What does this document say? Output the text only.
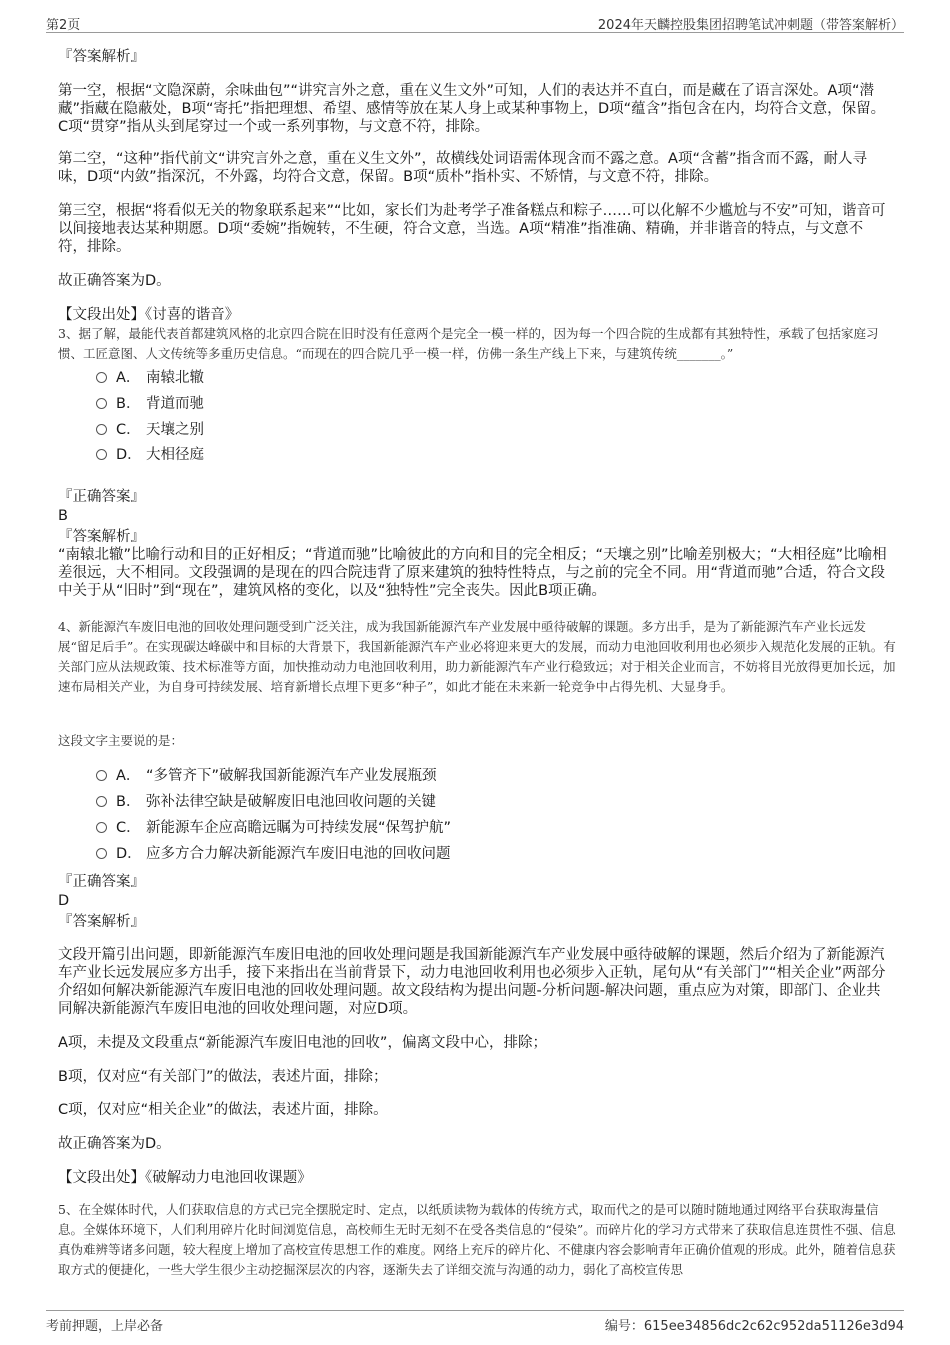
第2页	2024年天麟控股集团招聘笔试冲刺题（带答案解析）
『答案解析』
第一空，根据“文隐深蔚，余味曲包”“讲究言外之意，重在义生文外”可知，人们的表达并不直白，而是藏在了语言深处。A项“潜藏”指藏在隐蔽处，B项“寄托”指把理想、希望、感情等放在某人身上或某种事物上，D项“蕴含”指包含在内，均符合文意，保留。C项“贯穿”指从头到尾穿过一个或一系列事物，与文意不符，排除。
第二空，“这种”指代前文“讲究言外之意，重在义生文外”，故横线处词语需体现含而不露之意。A项“含蓄”指含而不露，耐人寻味，D项“内敛”指深沉，不外露，均符合文意，保留。B项“质朴”指朴实、不矫情，与文意不符，排除。
第三空，根据“将看似无关的物象联系起来”“比如，家长们为赴考学子准备糕点和粽子……可以化解不少尴尬与不安”可知，谐音可以间接地表达某种期愿。D项“委婉”指婉转，不生硬，符合文意，当选。A项“精准”指准确、精确，并非谐音的特点，与文意不符，排除。
故正确答案为D。
【文段出处】《讨喜的谐音》
3、据了解，最能代表首都建筑风格的北京四合院在旧时没有任意两个是完全一模一样的，因为每一个四合院的生成都有其独特性，承载了包括家庭习惯、工匠意图、人文传统等多重历史信息。“而现在的四合院几乎一模一样，仿佛一条生产线上下来，与建筑传统_______。”
A． 南辕北辙
B． 背道而驰
C． 天壤之别
D． 大相径庭
『正确答案』
B
『答案解析』
“南辕北辙”比喻行动和目的正好相反；“背道而驰”比喻彼此的方向和目的完全相反；“天壤之别”比喻差别极大；“大相径庭”比喻相差很远，大不相同。文段强调的是现在的四合院违背了原来建筑的独特性特点，与之前的完全不同。用“背道而驰”合适，符合文段中关于从“旧时”到“现在”，建筑风格的变化，以及“独特性”完全丧失。因此B项正确。
4、新能源汽车废旧电池的回收处理问题受到广泛关注，成为我国新能源汽车产业发展中亟待破解的课题。多方出手，是为了新能源汽车产业长远发展“留足后手”。在实现碳达峰碳中和目标的大背景下，我国新能源汽车产业必将迎来更大的发展，而动力电池回收利用也必须步入规范化发展的正轨。有关部门应从法规政策、技术标准等方面，加快推动动力电池回收利用，助力新能源汽车产业行稳致远；对于相关企业而言，不妨将目光放得更加长远，加速布局相关产业，为自身可持续发展、培育新增长点埋下更多“种子”，如此才能在未来新一轮竞争中占得先机、大显身手。
这段文字主要说的是：
A． “多管齐下”破解我国新能源汽车产业发展瓶颈
B． 弥补法律空缺是破解废旧电池回收问题的关键
C． 新能源车企应高瞻远瞩为可持续发展“保驾护航”
D． 应多方合力解决新能源汽车废旧电池的回收问题
『正确答案』
D
『答案解析』
文段开篇引出问题，即新能源汽车废旧电池的回收处理问题是我国新能源汽车产业发展中亟待破解的课题，然后介绍为了新能源汽车产业长远发展应多方出手，接下来指出在当前背景下，动力电池回收利用也必须步入正轨，尾句从“有关部门”“相关企业”两部分介绍如何解决新能源汽车废旧电池的回收处理问题。故文段结构为提出问题-分析问题-解决问题，重点应为对策，即部门、企业共同解决新能源汽车废旧电池的回收处理问题，对应D项。
A项，未提及文段重点“新能源汽车废旧电池的回收”，偏离文段中心，排除；
B项，仅对应“有关部门”的做法，表述片面，排除；
C项，仅对应“相关企业”的做法，表述片面，排除。
故正确答案为D。
【文段出处】《破解动力电池回收课题》
5、在全媒体时代，人们获取信息的方式已完全摆脱定时、定点，以纸质读物为载体的传统方式，取而代之的是可以随时随地通过网络平台获取海量信息。全媒体环境下，人们利用碎片化时间浏览信息，高校师生无时无刻不在受各类信息的“侵染”。而碎片化的学习方式带来了获取信息连贯性不强、信息真伪难辨等诸多问题，较大程度上增加了高校宣传思想工作的难度。网络上充斥的碎片化、不健康内容会影响青年正确价值观的形成。此外，随着信息获取方式的便捷化，一些大学生很少主动挖掘深层次的内容，逐渐失去了详细交流与沟通的动力，弱化了高校宣传思
考前押题，上岸必备	编号：615ee34856dc2c62c952da51126e3d94
